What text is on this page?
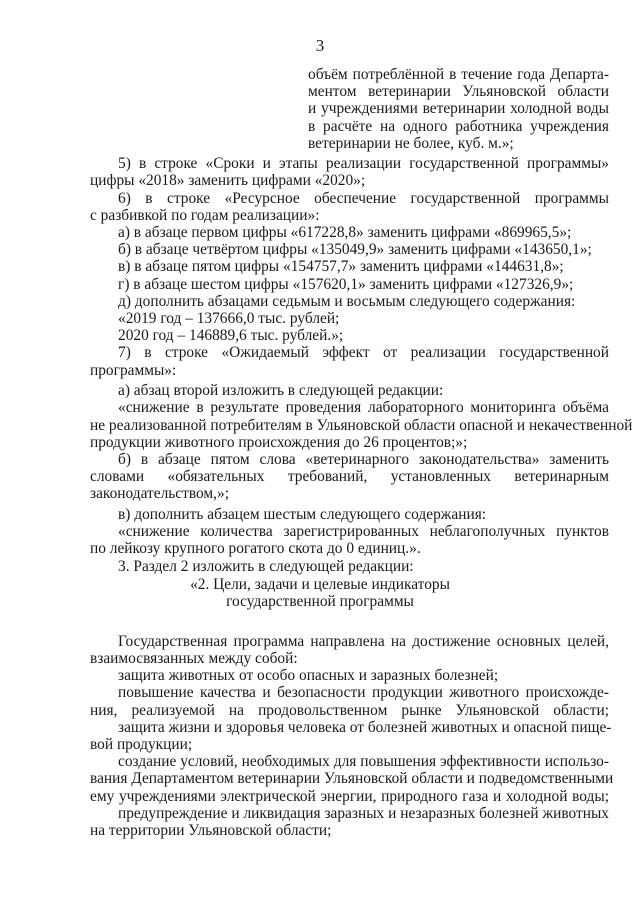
3
объём потреблённой в течение года Департа-
ментом ветеринарии Ульяновской области
и учреждениями ветеринарии холодной воды
в расчёте на одного работника учреждения
ветеринарии не более, куб. м.»;
5) в строке «Сроки и этапы реализации государственной программы»
цифры «2018» заменить цифрами «2020»;
6) в строке «Ресурсное обеспечение государственной программы
с разбивкой по годам реализации»:
а) в абзаце первом цифры «617228,8» заменить цифрами «869965,5»;
б) в абзаце четвёртом цифры «135049,9» заменить цифрами «143650,1»;
в) в абзаце пятом цифры «154757,7» заменить цифрами «144631,8»;
г) в абзаце шестом цифры «157620,1» заменить цифрами «127326,9»;
д) дополнить абзацами седьмым и восьмым следующего содержания:
«2019 год – 137666,0 тыс. рублей;
2020 год – 146889,6 тыс. рублей.»;
7) в строке «Ожидаемый эффект от реализации государственной
программы»:
а) абзац второй изложить в следующей редакции:
«снижение в результате проведения лабораторного мониторинга объёма
не реализованной потребителям в Ульяновской области опасной и некачественной
продукции животного происхождения до 26 процентов;»;
б) в абзаце пятом слова «ветеринарного законодательства» заменить
словами «обязательных требований, установленных ветеринарным
законодательством,»;
в) дополнить абзацем шестым следующего содержания:
«снижение количества зарегистрированных неблагополучных пунктов
по лейкозу крупного рогатого скота до 0 единиц.».
3. Раздел 2 изложить в следующей редакции:
«2. Цели, задачи и целевые индикаторы
государственной программы
Государственная программа направлена на достижение основных целей,
взаимосвязанных между собой:
защита животных от особо опасных и заразных болезней;
повышение качества и безопасности продукции животного происхожде-
ния, реализуемой на продовольственном рынке Ульяновской области;
защита жизни и здоровья человека от болезней животных и опасной пище-
вой продукции;
создание условий, необходимых для повышения эффективности использо-
вания Департаментом ветеринарии Ульяновской области и подведомственными
ему учреждениями электрической энергии, природного газа и холодной воды;
предупреждение и ликвидация заразных и незаразных болезней животных
на территории Ульяновской области;
